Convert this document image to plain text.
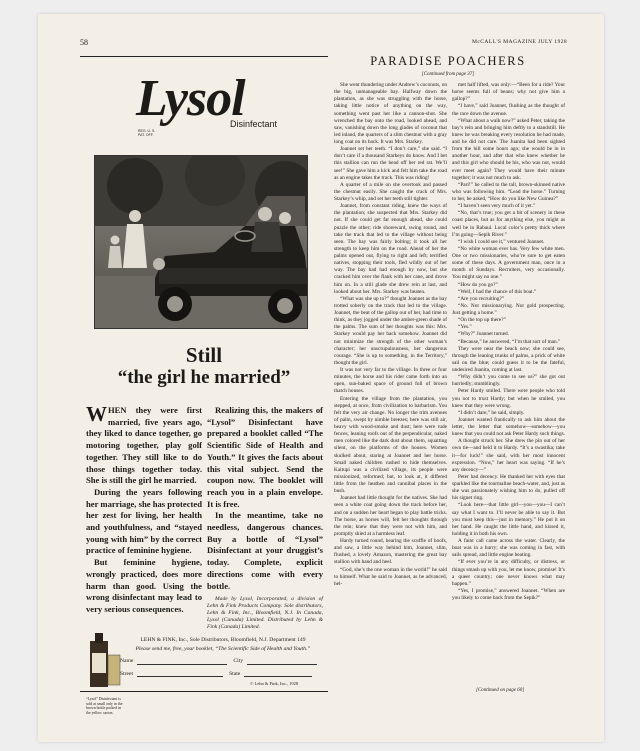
58	McCALL'S MAGAZINE JULY 1928
Lysol
REG. U. S. PAT. OFF.
Disinfectant
Still
“the girl he married”

WHEN they were first married, five years ago, they liked to dance together, go motoring together, play golf together. They still like to do those things together today. She is still the girl he married.

During the years following her marriage, she has protected her zest for living, her health and youthfulness, and “stayed young with him” by the correct practice of feminine hygiene.

But feminine hygiene, wrongly practiced, does more harm than good. Using the wrong disinfectant may lead to very serious consequences.

Realizing this, the makers of “Lysol” Disinfectant have prepared a booklet called “The Scientific Side of Health and Youth.” It gives the facts about this vital subject. Send the coupon now. The booklet will reach you in a plain envelope. It is free.

In the meantime, take no needless, dangerous chances. Buy a bottle of “Lysol” Disinfectant at your druggist’s today. Complete, explicit directions come with every bottle.

Made by Lysol, Incorporated, a division of Lehn & Fink Products Company. Sole distributors, Lehn & Fink, Inc., Bloomfield, N.J. In Canada, Lysol (Canada) Limited. Distributed by Lehn & Fink (Canada) Limited.

“Lysol” Disinfectant is sold at small only in the brown bottle packed in the yellow carton.
LEHN & FINK, Inc., Sole Distributors, Bloomfield, N.J. Department 149
Please send me, free, your booklet, “The Scientific Side of Health and Youth.”
Name	City
Street	State
© Lehn & Fink, Inc., 1928
PARADISE POACHERS
[Continued from page 37]

She went thundering under Andrew’s coconuts, on the big, unmanageable bay. Halfway down the plantation, as she was struggling with the horse, taking little notice of anything on the way, something went past her like a cannon-shot. She wrenched the bay onto the road, looked ahead, and saw, vanishing down the long glades of coconut that led inland, the quarters of a slim chestnut with a gray long coat on its back. It was Mrs. Starkey.

Joannet set her teeth. “I don’t care,” she said. “I don’t care if a thousand Starkeys do know. And I bet this stallion can run the head off her red rat. We’ll see!” She gave him a kick and felt him take the road as an engine takes the track. This was riding!

A quarter of a mile on she overtook and passed the chestnut easily. She caught the crack of Mrs. Starkey’s whip, and set her teeth still tighter.

Joannet, from constant riding, knew the ways of the plantation; she suspected that Mrs. Starkey did not. If she could get far enough ahead, she could puzzle the other; ride shoreward, swing round, and take the track that led to the village without being seen. The bay was fairly bolting; it took all her strength to keep him on the road. Ahead of her the palms opened out, flying to right and left; terrified natives, stopping their tools, fled wildly out of her way. The bay had had enough by now, but she cracked him over the flank with her cane, and drove him on. In a still glade she drew rein at last, and looked about her. Mrs. Starkey was beaten.

“What was she up to?” thought Joannet as the bay trotted soberly on the track that led to the village. Joannet, the beat of the gallop out of her, had time to think, as they jogged under the amber-green shade of the palms. The sum of her thoughts was this: Mrs. Starkey would pay her back somehow. Joannet did not minimize the strength of the other woman’s character; her unscrupulousness, her dangerous courage. “She is up to something, in the Territory,” thought the girl.

It was not very far to the village. In three or four minutes, the horse and his rider came forth into an open, sun-baked space of ground full of brown thatch houses.

Entering the village from the plantation, you stepped, at once, from civilization to barbarism. You felt the very air change. No longer the trim avenues of palm, swept by nimble breezes; here was still air, heavy with wood-smoke and dust; here were rude fences, leaning roofs out of the perpendicular, naked men colored like the dark dust about them, squatting silent, on the platforms of the houses. Women skulked about, staring at Joannet and her horse. Small naked children rushed to hide themselves. Kaitupi was a civilized village, its people were missionized, reformed; but, to look at, it differed little from the heathen and cannibal places in the bush.

Joannet had little thought for the natives. She had seen a white coat going down the track before her, and on a sudden her heart began to play battle tricks. The horse, as horses will, felt her thoughts through the rein; knew that they were not with him, and promptly shied at a harmless leaf.

Hardy turned round, hearing the scuffle of hoofs, and saw, a little way behind him, Joannet, slim, flushed, a lovely Amazon, mastering the great bay stallion with hand and heel.

“God, she’s the one woman in the world!” he said to himself. What he said to Joannet, as he advanced, hel-

met half lifted, was only:—“Been for a ride? Your horse seems full of beans; why not give him a gallop?”

“I have,” said Joannet, flushing as the thought of the race down the avenue.

“What about a walk now?” asked Peter, taking the bay’s rein and bringing him deftly to a standstill. He knew he was breaking every resolution he had made, and he did not care. The Juanita had been sighted from the hill some hours ago; she would be in in another hour, and after that who knew whether he and this girl who should be his, who was not, would ever meet again? They would have their minute together; it was not much to ask.

“Pari!” he called to the tall, brown-skinned native who was following him. “Lead the horse.” Turning to her, he asked, “How do you like New Guinea?”

“I haven’t seen very much of it yet.”

“No, that’s true; you get a bit of scenery in these coast places, but as for anything else, you might as well be in Rabaul. Local color’s pretty thick where I’m going—Sepik River.”

“I wish I could see it,” ventured Joannet.

“No white woman ever has. Very few white men. One or two missionaries, who’re sure to get eaten some of these days. A government man, once in a month of Sundays. Recruiters, very occasionally. You might say no one.”

“How do you go?”

“Well, I had the chance of this boat.”

“Are you recruiting?”

“No. Nor missionarying. Nor gold prospecting. Just getting a home.”

“On the top up there?”

“Yes.”

“Why?” Joannet turned.

“Because,” he answered, “I’m that sort of man.”

They were near the beach now; she could see, through the leaning trunks of palms, a prick of white sail on the blue; could guess it to be the fateful, undesired Juanita, coming at last.

“Why didn’t you come to see us?” she got out hurriedly; stumblingly.

Peter Hardy smiled. There were people who told you not to trust Hardy; but when he smiled, you knew that they were wrong.

“I didn’t dare,” he said, simply.

Joannet wanted frantically to ask him about the letter, the letter that somehow—somehow—you knew that you could not ask Peter Hardy such things.

A thought struck her. She drew the pin out of her own tie—and held it to Hardy. “It’s a swastika; take it—for luck!” she said, with her most innocent expression. “Now,” her heart was saying. “If he’s any decency—”

Peter had decency. He thanked her with eyes that sparkled like the tourmaline beach-water, and, just as she was passionately wishing him to do, pulled off his signet ring.

“Look here—that little girl—you—you—I can’t say what I want to. I’ll never be able to say it. But you must keep this—just in memory.” He put it on her hand. He caught the little hand, and kissed it, holding it in both his own.

A faint call came across the water. Clearly, the boat was in a hurry; she was coming in fast, with sails spread, and little engine beating.

“If ever you’re in any difficulty, or distress, or things smash up with you, let me know, promise! It’s a queer country; one never knows what may happen.”

“Yes, I promise,” answered Joannet. “When are you likely to come back from the Sepik?”

[Continued on page 60]
